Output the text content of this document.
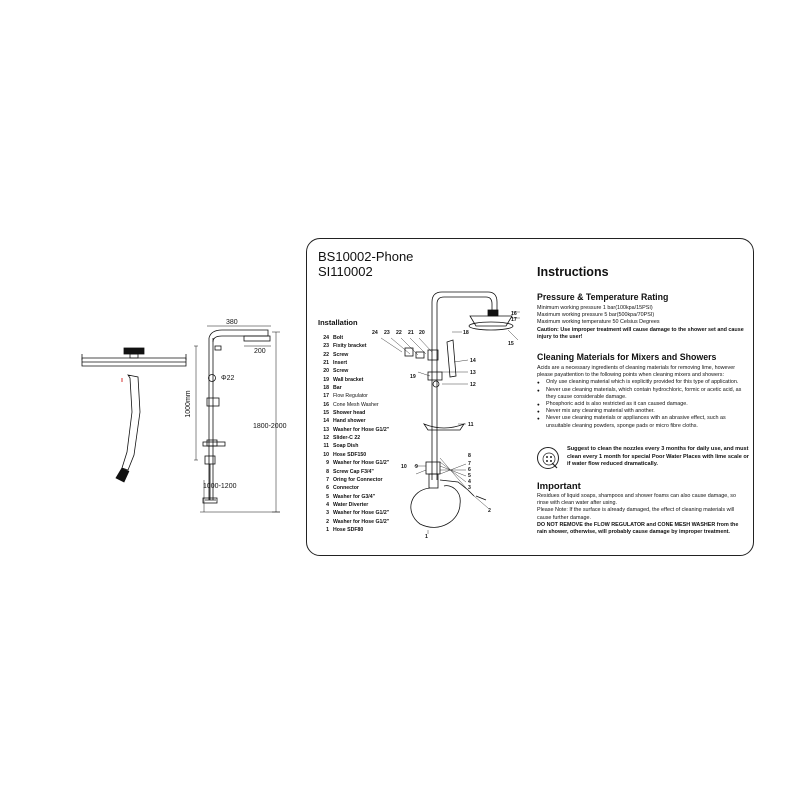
380
200
Φ22
1000mm
1800-2000
1000-1200
BS10002-Phone
SI110002
Installation
24 Bolt
23 Fixity bracket
22 Screw
21 Insert
20 Screw
19 Wall bracket
18 Bar
17 Flow Regulator
16 Cone Mesh Washer
15 Shower head
14 Hand shower
13 Washer for Hose G1/2"
12 Slider-C 22
11 Soap Dish
10 Hose SDF150
9 Washer for Hose G1/2"
8 Screw Cap F3/4"
7 Oring for Connector
6 Connector
5 Washer for G3/4"
4 Water Diverter
3 Washer for Hose G1/2"
2 Washer for Hose G1/2"
1 Hose SDF80
24 23 22 21 20	18
16
17
15
14
13
12
19
11
10 9
8
7
6
5
4
3
2
1
Instructions
Pressure & Temperature Rating

Minimum working pressure 1 bar(100kpa/15PSI)

Maximum working pressure 5 bar(500kpa/70PSI)

Maximum working temperature 50 Celsius Degrees

Caution: Use improper treatment will cause damage to the shower set and cause injury to the user!

Cleaning Materials for Mixers and Showers

Acids are a necessary ingredients of cleaning materials for removing lime, however please payattention to the following points when cleaning mixers and showers:

● Only use cleaning material which is explicitly provided for this type of application.

● Never use cleaning materials, which contain hydrochloric, formic or acetic acid, as they cause considerable damage.

● Phosphoric acid is also restricted as it can caused damage.

● Never mix any cleaning material with another.

● Never use cleaning materials or appliances with an abrasive effect, such as unsuitable cleaning powders, sponge pads or micro fibre cloths.

Suggest to clean the nozzles every 3 months for daily use, and must clean every 1 month for special Poor Water Places with lime scale or if water flow reduced dramatically.
Important

Residues of liquid soaps, shampoos and shower foams can also cause damage, so rinse with clean water after using.

Please Note: If the surface is already damaged, the effect of cleaning materials will cause further damage.

DO NOT REMOVE the FLOW REGULATOR and CONE MESH WASHER from the rain shower, otherwise, will probably cause damage by improper treatment.
